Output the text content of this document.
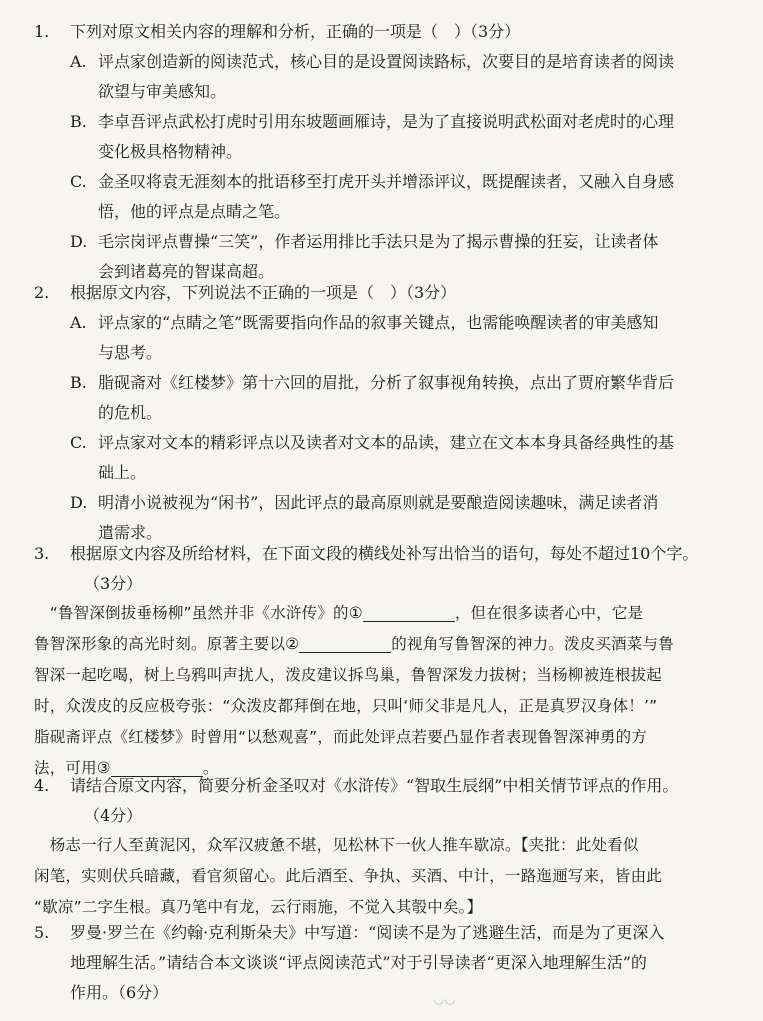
1. 下列对原文相关内容的理解和分析，正确的一项是（　）（3分）
A. 评点家创造新的阅读范式，核心目的是设置阅读路标，次要目的是培育读者的阅读
欲望与审美感知。
B. 李卓吾评点武松打虎时引用东坡题画雁诗，是为了直接说明武松面对老虎时的心理
变化极具格物精神。
C. 金圣叹将袁无涯刻本的批语移至打虎开头并增添评议，既提醒读者，又融入自身感
悟，他的评点是点睛之笔。
D. 毛宗岗评点曹操“三笑”，作者运用排比手法只是为了揭示曹操的狂妄，让读者体
会到诸葛亮的智谋高超。
2. 根据原文内容，下列说法不正确的一项是（　）（3分）
A. 评点家的“点睛之笔”既需要指向作品的叙事关键点，也需能唤醒读者的审美感知
与思考。
B. 脂砚斋对《红楼梦》第十六回的眉批，分析了叙事视角转换，点出了贾府繁华背后
的危机。
C. 评点家对文本的精彩评点以及读者对文本的品读，建立在文本本身具备经典性的基
础上。
D. 明清小说被视为“闲书”，因此评点的最高原则就是要酿造阅读趣味，满足读者消
遣需求。
3. 根据原文内容及所给材料，在下面文段的横线处补写出恰当的语句，每处不超过10个字。
（3分）
　“鲁智深倒拔垂杨柳”虽然并非《水浒传》的①	，但在很多读者心中，它是
鲁智深形象的高光时刻。原著主要以②	的视角写鲁智深的神力。泼皮买酒菜与鲁
智深一起吃喝，树上乌鸦叫声扰人，泼皮建议拆鸟巢，鲁智深发力拔树；当杨柳被连根拔起
时，众泼皮的反应极夸张：“众泼皮都拜倒在地，只叫‘师父非是凡人，正是真罗汉身体！’”
脂砚斋评点《红楼梦》时曾用“以愁观喜”，而此处评点若要凸显作者表现鲁智深神勇的方
法，可用③	。
4. 请结合原文内容，简要分析金圣叹对《水浒传》“智取生辰纲”中相关情节评点的作用。
（4分）
　杨志一行人至黄泥冈，众军汉疲惫不堪，见松林下一伙人推车歇凉。【夹批：此处看似
闲笔，实则伏兵暗藏，看官须留心。此后酒至、争执、买酒、中计，一路迤逦写来，皆由此
“歇凉”二字生根。真乃笔中有龙，云行雨施，不觉入其彀中矣。】
5. 罗曼·罗兰在《约翰·克利斯朵夫》中写道：“阅读不是为了逃避生活，而是为了更深入
地理解生活。”请结合本文谈谈“评点阅读范式”对于引导读者“更深入地理解生活”的
作用。（6分）	◡◡
